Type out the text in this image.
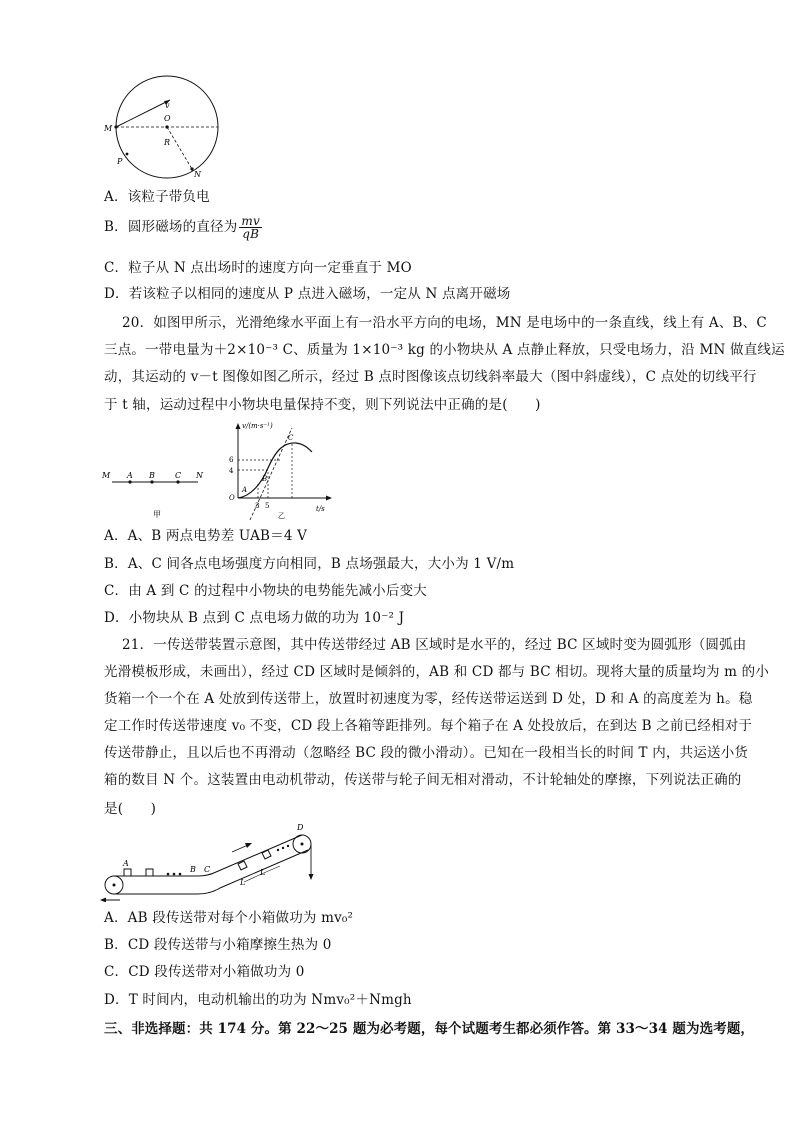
v
O
M
R
P
N
A．该粒子带负电
B．圆形磁场的直径为 $\frac{mv}{qB}$
C．粒子从 N 点出场时的速度方向一定垂直于 MO
D．若该粒子以相同的速度从 P 点进入磁场，一定从 N 点离开磁场
20．如图甲所示，光滑绝缘水平面上有一沿水平方向的电场，MN 是电场中的一条直线，线上有 A、B、C
三点。一带电量为＋2×10⁻³ C、质量为 1×10⁻³ kg 的小物块从 A 点静止释放，只受电场力，沿 MN 做直线运
动，其运动的 v－t 图像如图乙所示，经过 B 点时图像该点切线斜率最大（图中斜虚线），C 点处的切线平行
于 t 轴，运动过程中小物块电量保持不变，则下列说法中正确的是(　　)
M A B	C N
甲
v/(m·s⁻¹)
t/s
6
4
3 5
O
A
B
C
乙
A．A、B 两点电势差 UAB＝4 V
B．A、C 间各点电场强度方向相同，B 点场强最大，大小为 1 V/m
C．由 A 到 C 的过程中小物块的电势能先减小后变大
D．小物块从 B 点到 C 点电场力做的功为 10⁻² J
21．一传送带装置示意图，其中传送带经过 AB 区域时是水平的，经过 BC 区域时变为圆弧形（圆弧由
光滑模板形成，未画出），经过 CD 区域时是倾斜的，AB 和 CD 都与 BC 相切。现将大量的质量均为 m 的小
货箱一个一个在 A 处放到传送带上，放置时初速度为零，经传送带运送到 D 处，D 和 A 的高度差为 h。稳
定工作时传送带速度 v₀ 不变，CD 段上各箱等距排列。每个箱子在 A 处投放后，在到达 B 之前已经相对于
传送带静止，且以后也不再滑动（忽略经 BC 段的微小滑动）。已知在一段相当长的时间 T 内，共运送小货
箱的数目 N 个。这装置由电动机带动，传送带与轮子间无相对滑动，不计轮轴处的摩擦，下列说法正确的
是(　　)
A
B C
D
L
L
A．AB 段传送带对每个小箱做功为 mv₀²
B．CD 段传送带与小箱摩擦生热为 0
C．CD 段传送带对小箱做功为 0
D．T 时间内，电动机输出的功为 Nmv₀²＋Nmgh
三、非选择题：共 174 分。第 22～25 题为必考题，每个试题考生都必须作答。第 33～34 题为选考题，
